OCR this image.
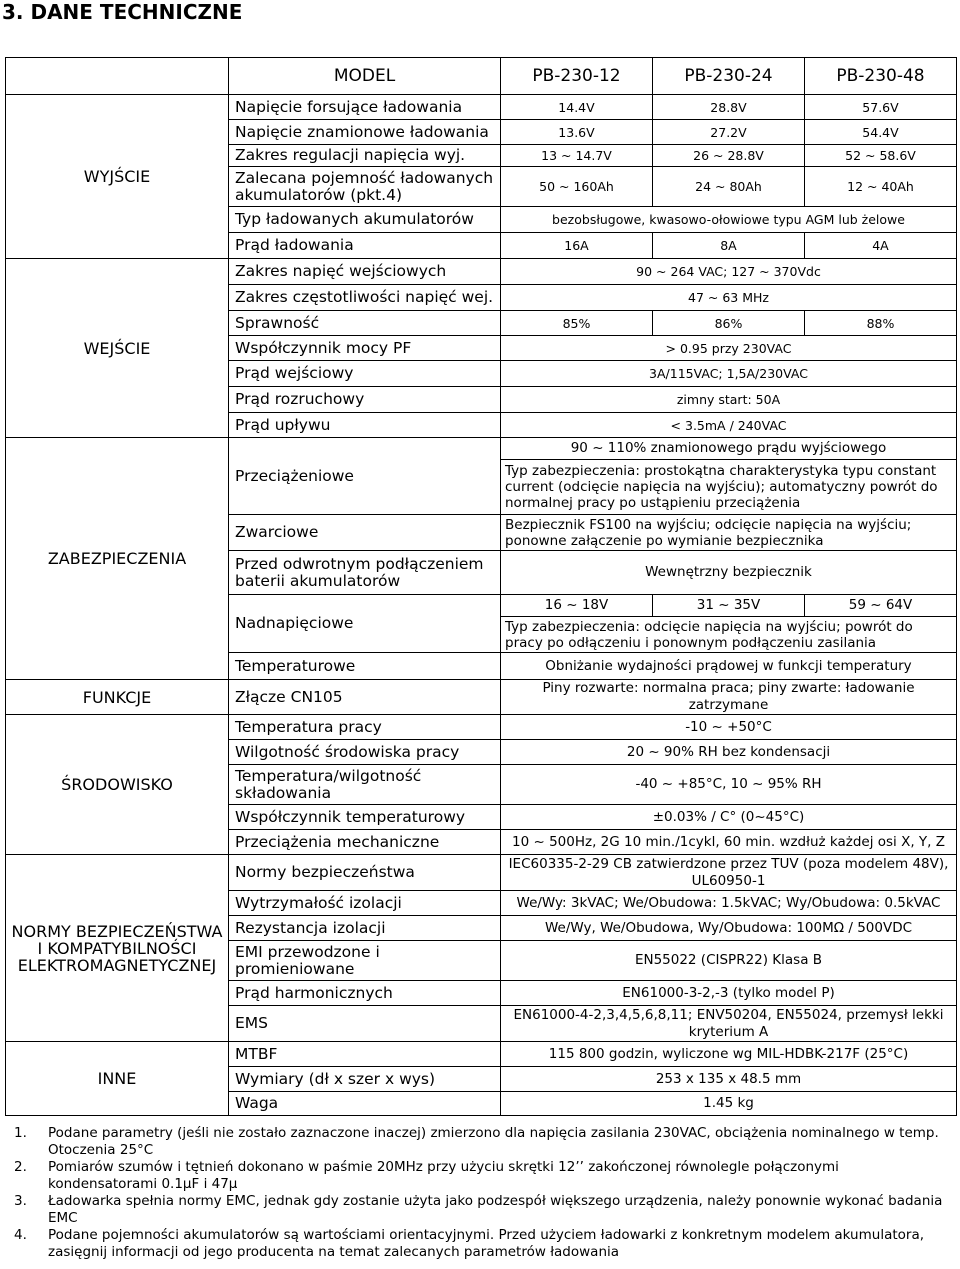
3. DANE TECHNICZNE
	MODEL	PB-230-12	PB-230-24	PB-230-48
WYJŚCIE	Napięcie forsujące ładowania	14.4V	28.8V	57.6V
	Napięcie znamionowe ładowania	13.6V	27.2V	54.4V
	Zakres regulacji napięcia wyj.	13 ~ 14.7V	26 ~ 28.8V	52 ~ 58.6V
	Zalecana pojemność ładowanych akumulatorów (pkt.4)	50 ~ 160Ah	24 ~ 80Ah	12 ~ 40Ah
	Typ ładowanych akumulatorów	bezobsługowe, kwasowo-ołowiowe typu AGM lub żelowe		
	Prąd ładowania	16A	8A	4A
WEJŚCIE	Zakres napięć wejściowych	90 ~ 264 VAC; 127 ~ 370Vdc		
	Zakres częstotliwości napięć wej.	47 ~ 63 MHz		
	Sprawność	85%	86%	88%
	Współczynnik mocy PF	> 0.95 przy 230VAC		
	Prąd wejściowy	3A/115VAC; 1,5A/230VAC		
	Prąd rozruchowy	zimny start: 50A		
	Prąd upływu	< 3.5mA / 240VAC		
ZABEZPIECZENIA	Przeciążeniowe	90 ~ 110% znamionowego prądu wyjściowego		
		Typ zabezpieczenia: prostokątna charakterystyka typu constant current (odcięcie napięcia na wyjściu); automatyczny powrót do normalnej pracy po ustąpieniu przeciążenia		
	Zwarciowe	Bezpiecznik FS100 na wyjściu; odcięcie napięcia na wyjściu; ponowne załączenie po wymianie bezpiecznika		
	Przed odwrotnym podłączeniem baterii akumulatorów	Wewnętrzny bezpiecznik		
	Nadnapięciowe	16 ~ 18V	31 ~ 35V	59 ~ 64V
		Typ zabezpieczenia: odcięcie napięcia na wyjściu; powrót do pracy po odłączeniu i ponownym podłączeniu zasilania		
	Temperaturowe	Obniżanie wydajności prądowej w funkcji temperatury		
FUNKCJE	Złącze CN105	Piny rozwarte: normalna praca; piny zwarte: ładowanie zatrzymane		
ŚRODOWISKO	Temperatura pracy	-10 ~ +50°C		
	Wilgotność środowiska pracy	20 ~ 90% RH bez kondensacji		
	Temperatura/wilgotność składowania	-40 ~ +85°C, 10 ~ 95% RH		
	Współczynnik temperaturowy	±0.03% / C° (0~45°C)		
	Przeciążenia mechaniczne	10 ~ 500Hz, 2G 10 min./1cykl, 60 min. wzdłuż każdej osi X, Y, Z		
NORMY BEZPIECZEŃSTWA I KOMPATYBILNOŚCI ELEKTROMAGNETYCZNEJ	Normy bezpieczeństwa	IEC60335-2-29 CB zatwierdzone przez TUV (poza modelem 48V), UL60950-1		
	Wytrzymałość izolacji	We/Wy: 3kVAC; We/Obudowa: 1.5kVAC; Wy/Obudowa: 0.5kVAC		
	Rezystancja izolacji	We/Wy, We/Obudowa, Wy/Obudowa: 100MΩ / 500VDC		
	EMI przewodzone i promieniowane	EN55022 (CISPR22) Klasa B		
	Prąd harmonicznych	EN61000-3-2,-3 (tylko model P)		
	EMS	EN61000-4-2,3,4,5,6,8,11; ENV50204, EN55024, przemysł lekki kryterium A		
INNE	MTBF	115 800 godzin, wyliczone wg MIL-HDBK-217F (25°C)		
	Wymiary (dł x szer x wys)	253 x 135 x 48.5 mm		
	Waga	1.45 kg		
1.	Podane parametry (jeśli nie zostało zaznaczone inaczej) zmierzono dla napięcia zasilania 230VAC, obciążenia nominalnego w temp. Otoczenia 25°C
2.	Pomiarów szumów i tętnień dokonano w paśmie 20MHz przy użyciu skrętki 12’’ zakończonej równolegle połączonymi kondensatorami 0.1μF i 47μ
3.	Ładowarka spełnia normy EMC, jednak gdy zostanie użyta jako podzespół większego urządzenia, należy ponownie wykonać badania EMC
4.	Podane pojemności akumulatorów są wartościami orientacyjnymi. Przed użyciem ładowarki z konkretnym modelem akumulatora, zasięgnij informacji od jego producenta na temat zalecanych parametrów ładowania
